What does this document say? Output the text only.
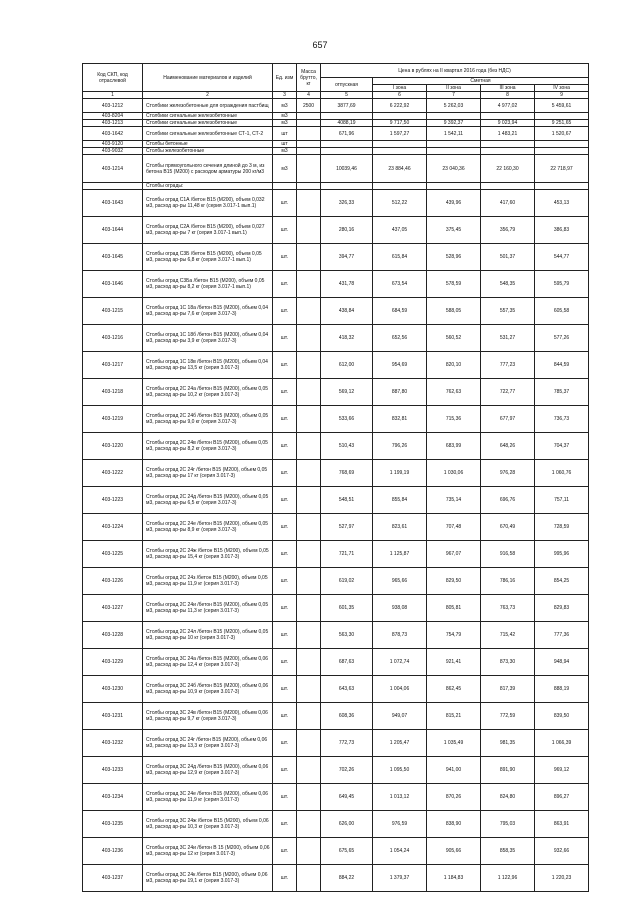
657
Код СКП, код отраслевой	Наименование материалов и изделий	Ед. изм	Масса брутто, кг	Цена в рублях на II квартал 2016 года (без НДС)				
				отпускная	Сметная			
					I зона	II зона	III зона	IV зона
1	2	3	4	5	6	7	8	9
403-1212	Столбики железобетонные для ограждения пастбищ	м3	2500	3877,69	6 222,92	5 262,03	4 977,02	5 459,61
403-8204	Столбики сигнальные железобетонные	м3						
403-1213	Столбики сигнальные железобетонные	м3		4088,19	9 717,50	9 392,37	9 023,94	9 251,65
403-1642	Столбики сигнальные железобетонные СТ-1, СТ-2	шт		671,96	1 597,27	1 542,11	1 483,21	1 520,67
403-9120	Столбы бетонные	шт						
403-9032	Столбы железобетонные	м3						
403-1214	Столбы прямоугольного сечения длиной до 3 м, из бетона В15 (М200) с расходом арматуры 200 кг/м3	м3		10039,46	23 884,46	23 040,36	22 160,30	22 718,97
	Столбы ограды:							
403-1643	Столбы оград С1А /бетон В15 (М200), объем 0,032 м3, расход ар-ры 11,48 кг (серия 3.017-1 вып.1)	шт.		326,33	512,22	439,96	417,60	453,13
403-1644	Столбы оград С2А /бетон В15 (М200), объем 0,027 м3, расход ар-ры 7 кг (серия 3.017-1 вып.1)	шт.		280,16	437,05	375,45	356,79	386,83
403-1645	Столбы оград С3Б /бетон В15 (М200), объем 0,05 м3, расход ар-ры 6,8 кг (серия 3.017-1 вып.1)	шт.		394,77	615,84	528,96	501,37	544,77
403-1646	Столбы оград С3Ба /бетон В15 (М200), объем 0,05 м3, расход ар-ры 8,2 кг (серия 3.017-1 вып.1)	шт.		431,78	673,54	578,59	548,35	595,79
403-1215	Столбы оград 1С 18а /бетон В15 (М200), объем 0,04 м3, расход ар-ры 7,6 кг (серия 3.017-3)	шт.		438,84	684,59	588,05	557,35	605,58
403-1216	Столбы оград 1С 18б /бетон В15 (М200), объем 0,04 м3, расход ар-ры 3,9 кг (серия 3.017-3)	шт.		418,32	652,56	560,52	531,27	577,26
403-1217	Столбы оград 1С 18в /бетон В15 (М200), объем 0,04 м3, расход ар-ры 13,5 кг (серия 3.017-3)	шт.		612,00	954,69	820,10	777,23	844,59
403-1218	Столбы оград 2С 24а /бетон В15 (М200), объем 0,05 м3, расход ар-ры 10,2 кг (серия 3.017-3)	шт.		569,12	887,80	762,63	722,77	785,37
403-1219	Столбы оград 2С 24б /бетон В15 (М200), объем 0,05 м3, расход ар-ры 9,0 кг (серия 3.017-3)	шт.		533,66	832,81	715,36	677,97	736,73
403-1220	Столбы оград 2С 24в /бетон В15 (М200), объем 0,05 м3, расход ар-ры 8,2 кг (серия 3.017-3)	шт.		510,43	796,26	683,99	648,26	704,37
403-1222	Столбы оград 2С 24г /бетон В15 (М200), объем 0,05 м3, расход ар-ры 17 кг (серия 3.017-3)	шт.		768,69	1 199,19	1 030,06	976,28	1 060,76
403-1223	Столбы оград 2С 24д /бетон В15 (М200), объем 0,05 м3, расход ар-ры 6,5 кг (серия 3.017-3)	шт.		548,51	855,84	735,14	696,76	757,11
403-1224	Столбы оград 2С 24е /бетон В15 (М200), объем 0,05 м3, расход ар-ры 8,9 кг (серия 3.017-3)	шт.		527,97	823,61	707,48	670,49	728,59
403-1225	Столбы оград 2С 24ж /бетон В15 (М200), объем 0,05 м3, расход ар-ры 15,4 кг (серия 3.017-3)	шт.		721,71	1 125,87	967,07	916,58	995,96
403-1226	Столбы оград 2С 24з /бетон В15 (М200), объем 0,05 м3, расход ар-ры 11,9 кг (серия 3.017-3)	шт.		619,02	965,66	829,50	786,16	854,25
403-1227	Столбы оград 2С 24и /бетон В15 (М200), объем 0,05 м3, расход ар-ры 11,3 кг (серия 3.017-3)	шт.		601,35	938,08	805,81	763,73	829,83
403-1228	Столбы оград 2С 24л /бетон В15 (М200), объем 0,05 м3, расход ар-ры 10 кг (серия 3.017-3)	шт.		563,30	878,73	754,79	715,42	777,36
403-1229	Столбы оград 3С 24а /бетон В15 (М200), объем 0,06 м3, расход ар-ры 12,4 кг (серия 3.017-3)	шт.		687,63	1 072,74	921,41	873,30	948,94
403-1230	Столбы оград 3С 24б /бетон В15 (М200), объем 0,06 м3, расход ар-ры 10,9 кг (серия 3.017-3)	шт.		643,63	1 004,06	862,45	817,39	888,19
403-1231	Столбы оград 3С 24в /бетон В15 (М200), объем 0,06 м3, расход ар-ры 9,7 кг (серия 3.017-3)	шт.		608,36	949,07	815,21	772,59	839,50
403-1232	Столбы оград 3С 24г /бетон В15 (М200), объем 0,06 м3, расход ар-ры 13,3 кг (серия 3.017-3)	шт.		772,73	1 205,47	1 035,49	981,35	1 066,39
403-1233	Столбы оград 3С 24д /бетон В15 (М200), объем 0,06 м3, расход ар-ры 12,9 кг (серия 3.017-3)	шт.		702,26	1 095,50	941,00	891,90	969,12
403-1234	Столбы оград 3С 24е /бетон В15 (М200), объем 0,06 м3, расход ар-ры 11,9 кг (серия 3.017-3)	шт.		649,45	1 013,12	870,26	824,80	896,27
403-1235	Столбы оград 3С 24ж /бетон В15 (М200), объем 0,06 м3, расход ар-ры 10,3 кг (серия 3.017-3)	шт.		626,00	976,59	838,90	795,03	863,91
403-1236	Столбы оград 3С 24и /бетон В 15 (М200), объем 0,06 м3, расход ар-ры 12 кг (серия 3.017-3)	шт.		675,65	1 054,24	905,66	858,35	932,66
403-1237	Столбы оград 3С 24к /бетон В15 (М200), объем 0,06 м3, расход ар-ры 19,1 кг (серия 3.017-3)	шт.		884,22	1 379,37	1 184,83	1 122,96	1 220,23
